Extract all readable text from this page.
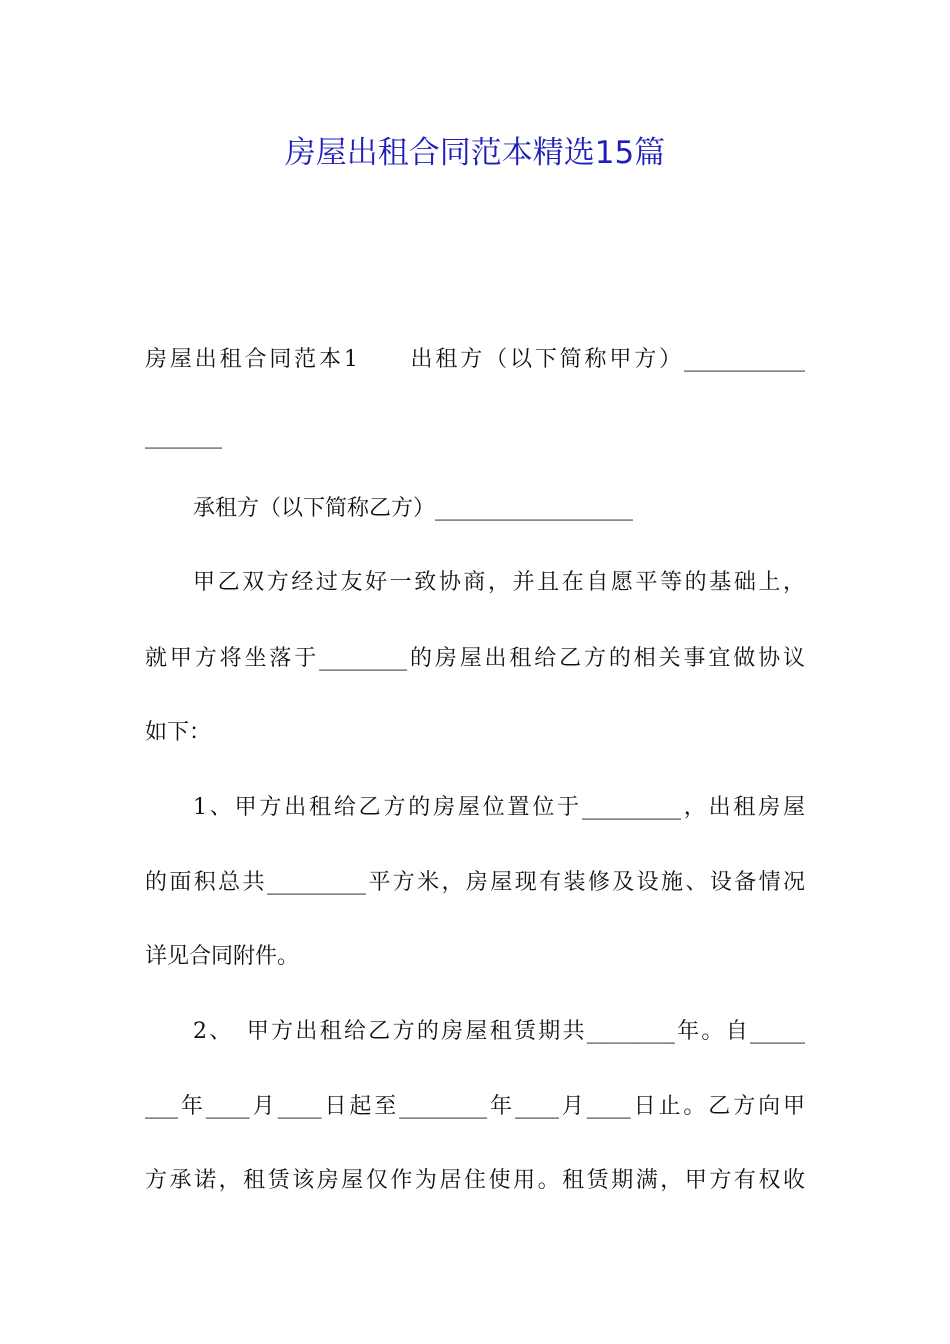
房屋出租合同范本精选15篇

房屋出租合同范本1　　出租方（以下简称甲方）___________

_______

承租方（以下简称乙方）__________________

甲乙双方经过友好一致协商，并且在自愿平等的基础上，

就甲方将坐落于________的房屋出租给乙方的相关事宜做协议

如下：

1、甲方出租给乙方的房屋位置位于_________，出租房屋

的面积总共_________平方米，房屋现有装修及设施、设备情况

详见合同附件。

2、　甲方出租给乙方的房屋租赁期共________年。自_____

___年____月____日起至________年____月____日止。乙方向甲

方承诺，租赁该房屋仅作为居住使用。租赁期满，甲方有权收
